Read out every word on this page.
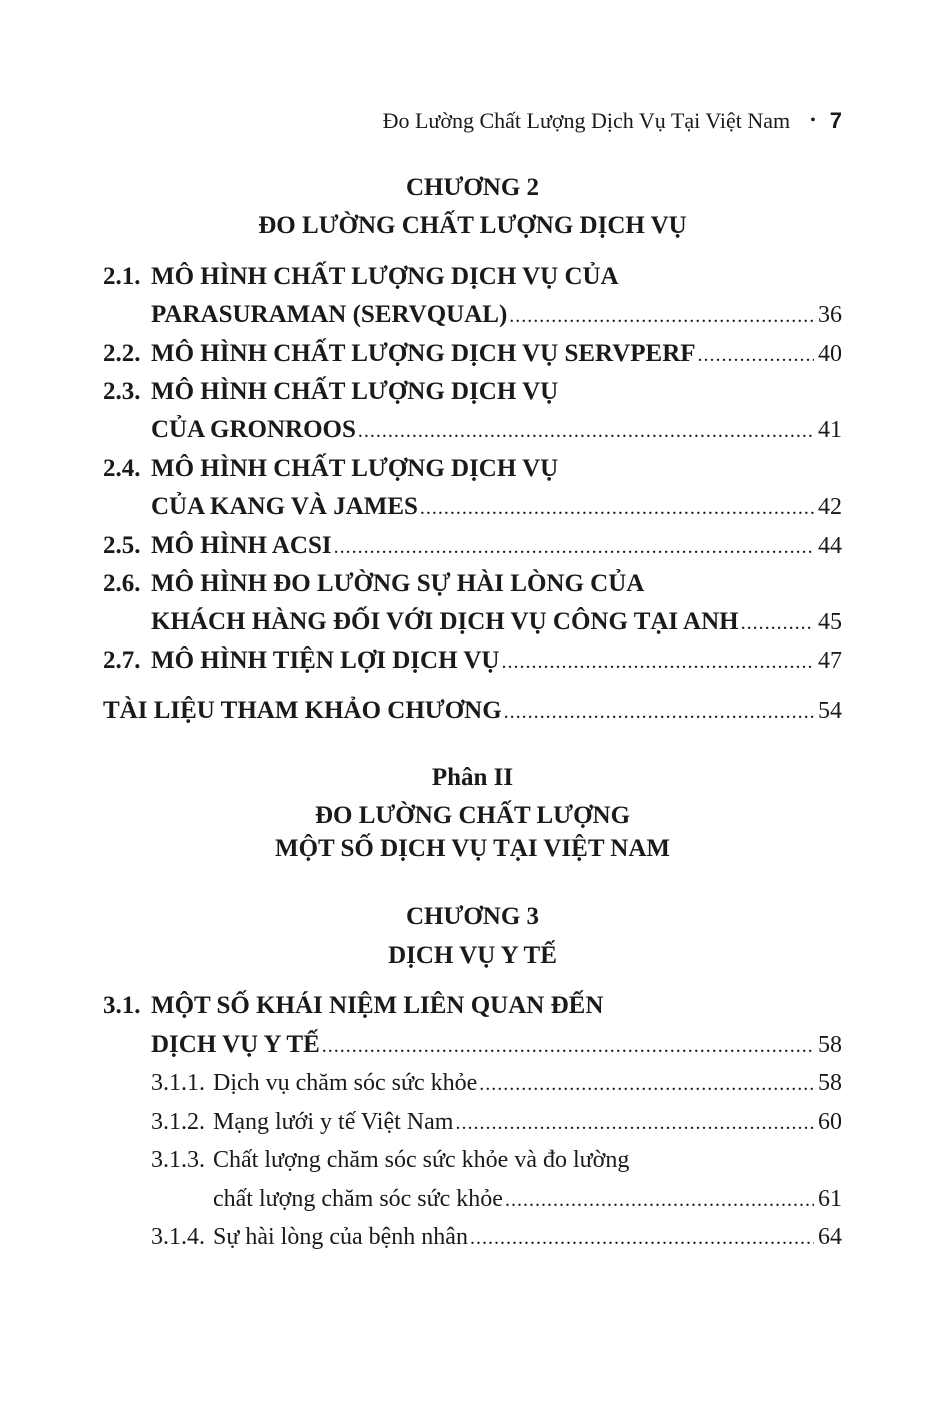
Đo Lường Chất Lượng Dịch Vụ Tại Việt Nam • 7
CHƯƠNG 2
ĐO LƯỜNG CHẤT LƯỢNG DỊCH VỤ
2.1. MÔ HÌNH CHẤT LƯỢNG DỊCH VỤ CỦA
PARASURAMAN (SERVQUAL) .....	36
2.2. MÔ HÌNH CHẤT LƯỢNG DỊCH VỤ SERVPERF .....	40
2.3. MÔ HÌNH CHẤT LƯỢNG DỊCH VỤ
CỦA GRONROOS .....	41
2.4. MÔ HÌNH CHẤT LƯỢNG DỊCH VỤ
CỦA KANG VÀ JAMES .....	42
2.5. MÔ HÌNH ACSI .....	44
2.6. MÔ HÌNH ĐO LƯỜNG SỰ HÀI LÒNG CỦA
KHÁCH HÀNG ĐỐI VỚI DỊCH VỤ CÔNG TẠI ANH .....	45
2.7. MÔ HÌNH TIỆN LỢI DỊCH VỤ .....	47
TÀI LIỆU THAM KHẢO CHƯƠNG .....	54
Phân II
ĐO LƯỜNG CHẤT LƯỢNG
MỘT SỐ DỊCH VỤ TẠI VIỆT NAM
CHƯƠNG 3
DỊCH VỤ Y TẾ
3.1. MỘT SỐ KHÁI NIỆM LIÊN QUAN ĐẾN
DỊCH VỤ Y TẾ .....	58
3.1.1. Dịch vụ chăm sóc sức khỏe .....	58
3.1.2. Mạng lưới y tế Việt Nam .....	60
3.1.3. Chất lượng chăm sóc sức khỏe và đo lường
chất lượng chăm sóc sức khỏe .....	61
3.1.4. Sự hài lòng của bệnh nhân .....	64
